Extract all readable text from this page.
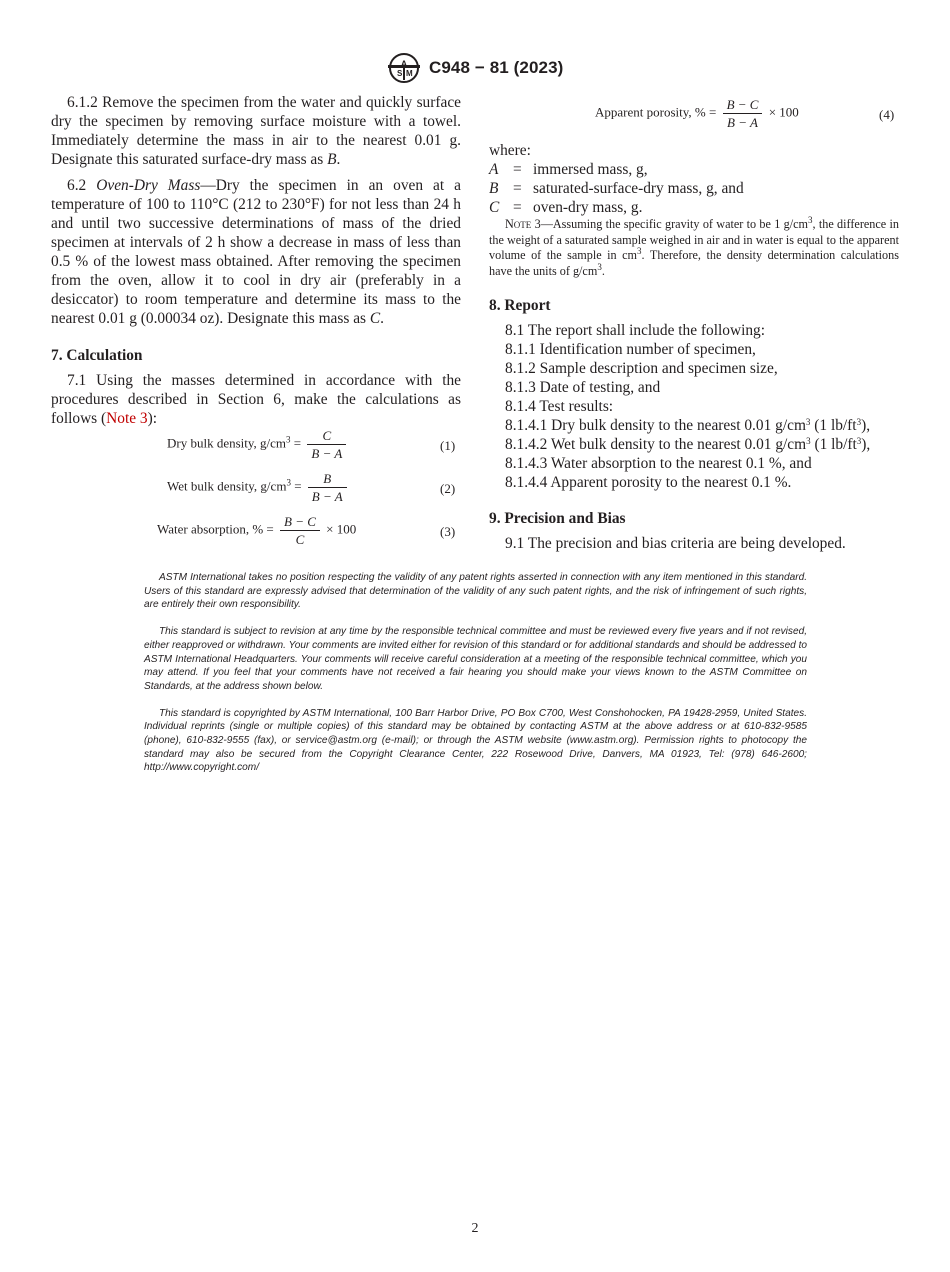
A
S M C948 − 81 (2023)

6.1.2 Remove the specimen from the water and quickly surface dry the specimen by removing surface moisture with a towel. Immediately determine the mass in air to the nearest 0.01 g. Designate this saturated surface-dry mass as B.

6.2 Oven-Dry Mass—Dry the specimen in an oven at a temperature of 100 to 110°C (212 to 230°F) for not less than 24 h and until two successive determinations of mass of the dried specimen at intervals of 2 h show a decrease in mass of less than 0.5 % of the lowest mass obtained. After removing the specimen from the oven, allow it to cool in dry air (preferably in a desiccator) to room temperature and determine its mass to the nearest 0.01 g (0.00034 oz). Designate this mass as C.

7. Calculation

7.1 Using the masses determined in accordance with the procedures described in Section 6, make the calculations as follows (Note 3):

Dry bulk density, $g/cm^3 = \frac{C}{B - A}$	(1)
Wet bulk density, $g/cm^3 = \frac{B}{B - A}$	(2)
Water absorption, % = $\frac{B - C}{C} \times 100$	(3)
Apparent porosity, % = $\frac{B - C}{B - A} \times 100$	(4)
where:
A = immersed mass, g,
B = saturated-surface-dry mass, g, and
C = oven-dry mass, g.

Note 3—Assuming the specific gravity of water to be 1 $g/cm^3$, the difference in the weight of a saturated sample weighed in air and in water is equal to the apparent volume of the sample in $cm^3$. Therefore, the density determination calculations have the units of $g/cm^3$.

8. Report

8.1 The report shall include the following:
8.1.1 Identification number of specimen,
8.1.2 Sample description and specimen size,
8.1.3 Date of testing, and
8.1.4 Test results:
8.1.4.1 Dry bulk density to the nearest 0.01 $g/cm^3$ (1 $lb/ft^3$),
8.1.4.2 Wet bulk density to the nearest 0.01 $g/cm^3$ (1 $lb/ft^3$),
8.1.4.3 Water absorption to the nearest 0.1 %, and
8.1.4.4 Apparent porosity to the nearest 0.1 %.

9. Precision and Bias

9.1 The precision and bias criteria are being developed.

ASTM International takes no position respecting the validity of any patent rights asserted in connection with any item mentioned in this standard. Users of this standard are expressly advised that determination of the validity of any such patent rights, and the risk of infringement of such rights, are entirely their own responsibility.

This standard is subject to revision at any time by the responsible technical committee and must be reviewed every five years and if not revised, either reapproved or withdrawn. Your comments are invited either for revision of this standard or for additional standards and should be addressed to ASTM International Headquarters. Your comments will receive careful consideration at a meeting of the responsible technical committee, which you may attend. If you feel that your comments have not received a fair hearing you should make your views known to the ASTM Committee on Standards, at the address shown below.

This standard is copyrighted by ASTM International, 100 Barr Harbor Drive, PO Box C700, West Conshohocken, PA 19428-2959, United States. Individual reprints (single or multiple copies) of this standard may be obtained by contacting ASTM at the above address or at 610-832-9585 (phone), 610-832-9555 (fax), or service@astm.org (e-mail); or through the ASTM website (www.astm.org). Permission rights to photocopy the standard may also be secured from the Copyright Clearance Center, 222 Rosewood Drive, Danvers, MA 01923, Tel: (978) 646-2600; http://www.copyright.com/

2
